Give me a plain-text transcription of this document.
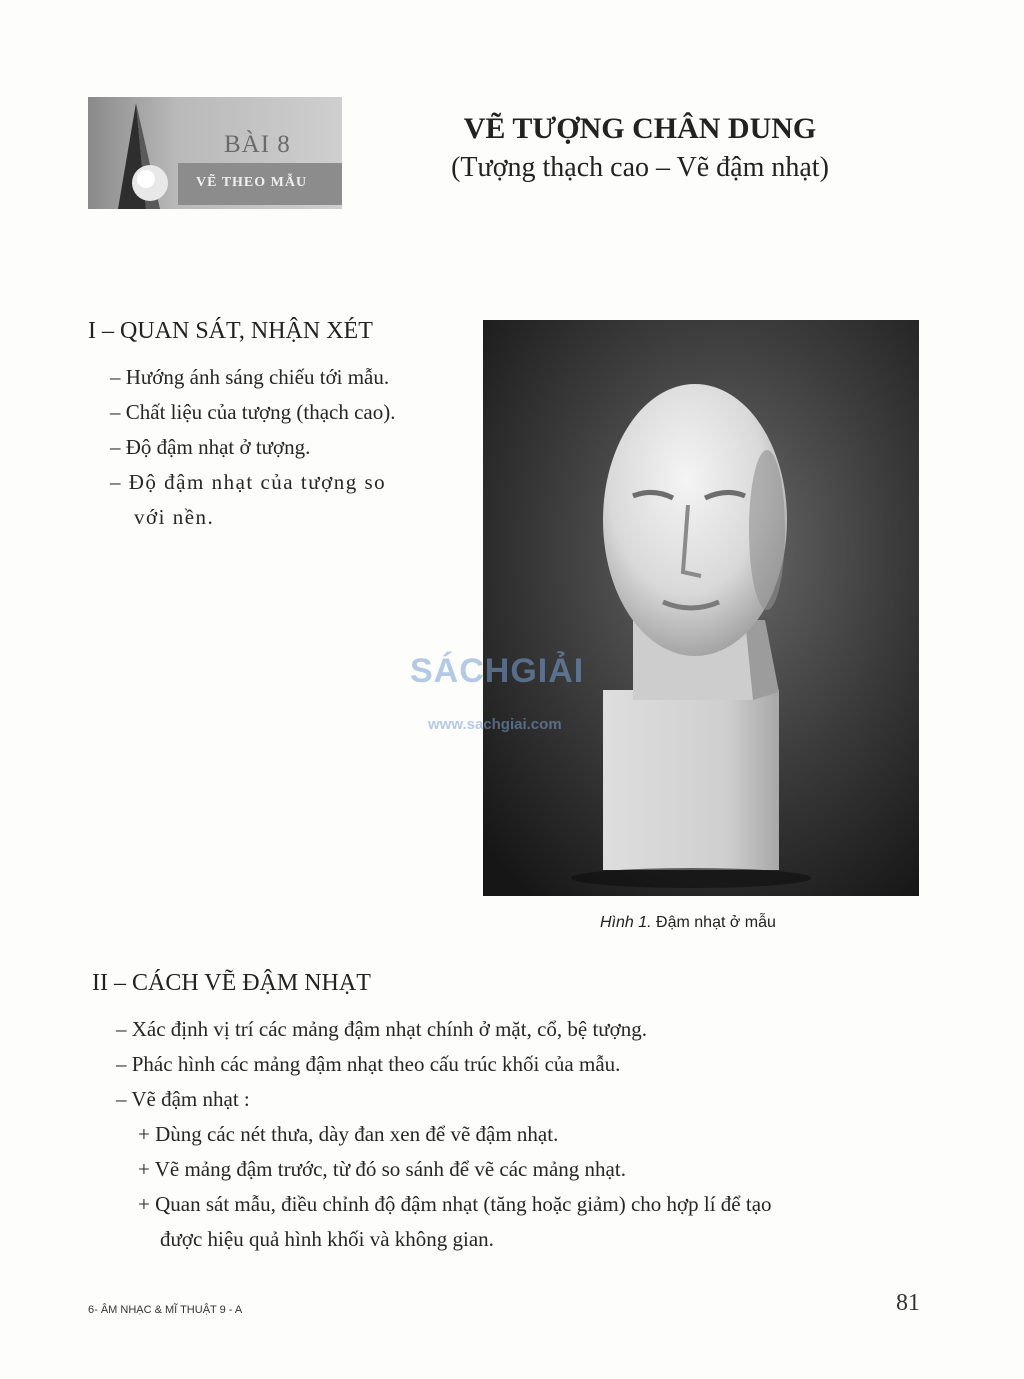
BÀI 8
VẼ THEO MẪU
VẼ TƯỢNG CHÂN DUNG
(Tượng thạch cao – Vẽ đậm nhạt)
I – QUAN SÁT, NHẬN XÉT
– Hướng ánh sáng chiếu tới mẫu.
– Chất liệu của tượng (thạch cao).
– Độ đậm nhạt ở tượng.
– Độ đậm nhạt của tượng so
với nền.
Hình 1. Đậm nhạt ở mẫu
SÁCHGIẢI
www.sachgiai.com
II – CÁCH VẼ ĐẬM NHẠT
– Xác định vị trí các mảng đậm nhạt chính ở mặt, cổ, bệ tượng.
– Phác hình các mảng đậm nhạt theo cấu trúc khối của mẫu.
– Vẽ đậm nhạt :
+ Dùng các nét thưa, dày đan xen để vẽ đậm nhạt.
+ Vẽ mảng đậm trước, từ đó so sánh để vẽ các mảng nhạt.
+ Quan sát mẫu, điều chỉnh độ đậm nhạt (tăng hoặc giảm) cho hợp lí để tạo
được hiệu quả hình khối và không gian.
6- ÂM NHẠC & MĨ THUẬT 9 - A	81
